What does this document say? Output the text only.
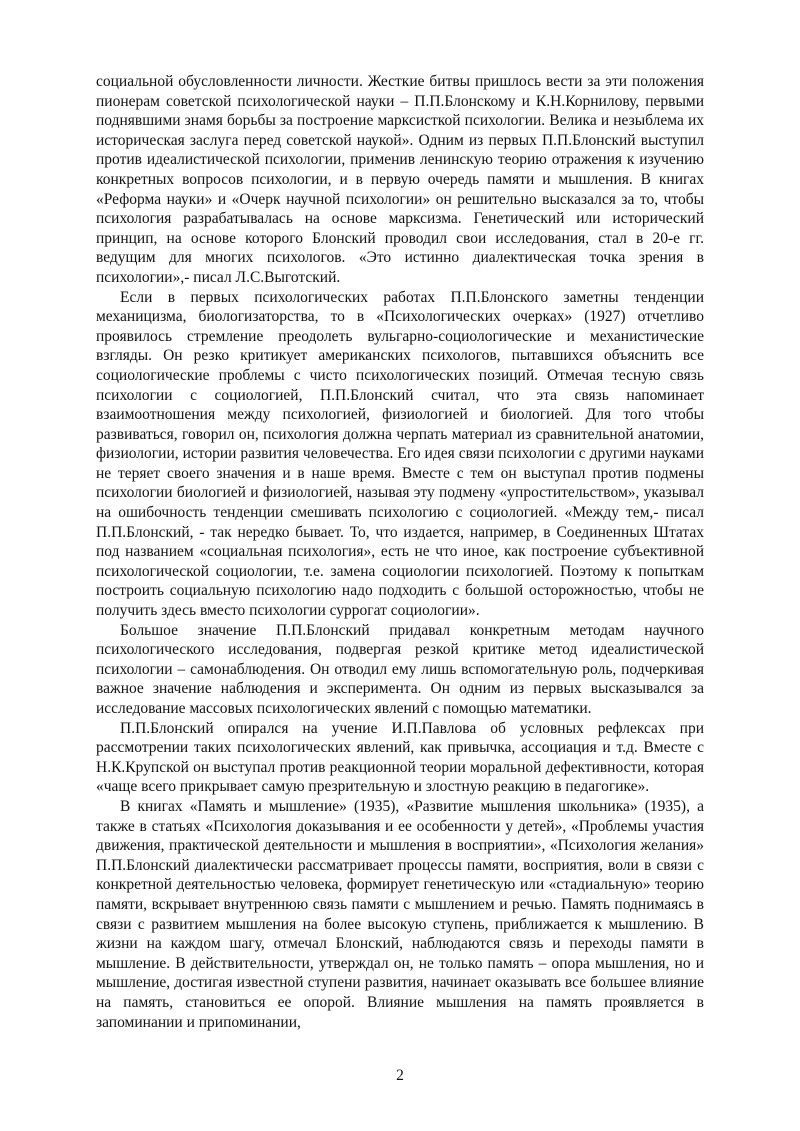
социальной обусловленности личности. Жесткие битвы пришлось вести за эти положения пионерам советской психологической науки – П.П.Блонскому и К.Н.Корнилову, первыми поднявшими знамя борьбы за построение марксисткой психологии. Велика и незыблема их историческая заслуга перед советской наукой». Одним из первых П.П.Блонский выступил против идеалистической психологии, применив ленинскую теорию отражения к изучению конкретных вопросов психологии, и в первую очередь памяти и мышления. В книгах «Реформа науки» и «Очерк научной психологии» он решительно высказался за то, чтобы психология разрабатывалась на основе марксизма. Генетический или исторический принцип, на основе которого Блонский проводил свои исследования, стал в 20-е гг. ведущим для многих психологов. «Это истинно диалектическая точка зрения в психологии»,- писал Л.С.Выготский.

Если в первых психологических работах П.П.Блонского заметны тенденции механицизма, биологизаторства, то в «Психологических очерках» (1927) отчетливо проявилось стремление преодолеть вульгарно-социологические и механистические взгляды. Он резко критикует американских психологов, пытавшихся объяснить все социологические проблемы с чисто психологических позиций. Отмечая тесную связь психологии с социологией, П.П.Блонский считал, что эта связь напоминает взаимоотношения между психологией, физиологией и биологией. Для того чтобы развиваться, говорил он, психология должна черпать материал из сравнительной анатомии, физиологии, истории развития человечества. Его идея связи психологии с другими науками не теряет своего значения и в наше время. Вместе с тем он выступал против подмены психологии биологией и физиологией, называя эту подмену «упростительством», указывал на ошибочность тенденции смешивать психологию с социологией. «Между тем,- писал П.П.Блонский, - так нередко бывает. То, что издается, например, в Соединенных Штатах под названием «социальная психология», есть не что иное, как построение субъективной психологической социологии, т.е. замена социологии психологией. Поэтому к попыткам построить социальную психологию надо подходить с большой осторожностью, чтобы не получить здесь вместо психологии суррогат социологии».

Большое значение П.П.Блонский придавал конкретным методам научного психологического исследования, подвергая резкой критике метод идеалистической психологии – самонаблюдения. Он отводил ему лишь вспомогательную роль, подчеркивая важное значение наблюдения и эксперимента. Он одним из первых высказывался за исследование массовых психологических явлений с помощью математики.

П.П.Блонский опирался на учение И.П.Павлова об условных рефлексах при рассмотрении таких психологических явлений, как привычка, ассоциация и т.д. Вместе с Н.К.Крупской он выступал против реакционной теории моральной дефективности, которая «чаще всего прикрывает самую презрительную и злостную реакцию в педагогике».

В книгах «Память и мышление» (1935), «Развитие мышления школьника» (1935), а также в статьях «Психология доказывания и ее особенности у детей», «Проблемы участия движения, практической деятельности и мышления в восприятии», «Психология желания» П.П.Блонский диалектически рассматривает процессы памяти, восприятия, воли в связи с конкретной деятельностью человека, формирует генетическую или «стадиальную» теорию памяти, вскрывает внутреннюю связь памяти с мышлением и речью. Память поднимаясь в связи с развитием мышления на более высокую ступень, приближается к мышлению. В жизни на каждом шагу, отмечал Блонский, наблюдаются связь и переходы памяти в мышление. В действительности, утверждал он, не только память – опора мышления, но и мышление, достигая известной ступени развития, начинает оказывать все большее влияние на память, становиться ее опорой. Влияние мышления на память проявляется в запоминании и припоминании,

2
